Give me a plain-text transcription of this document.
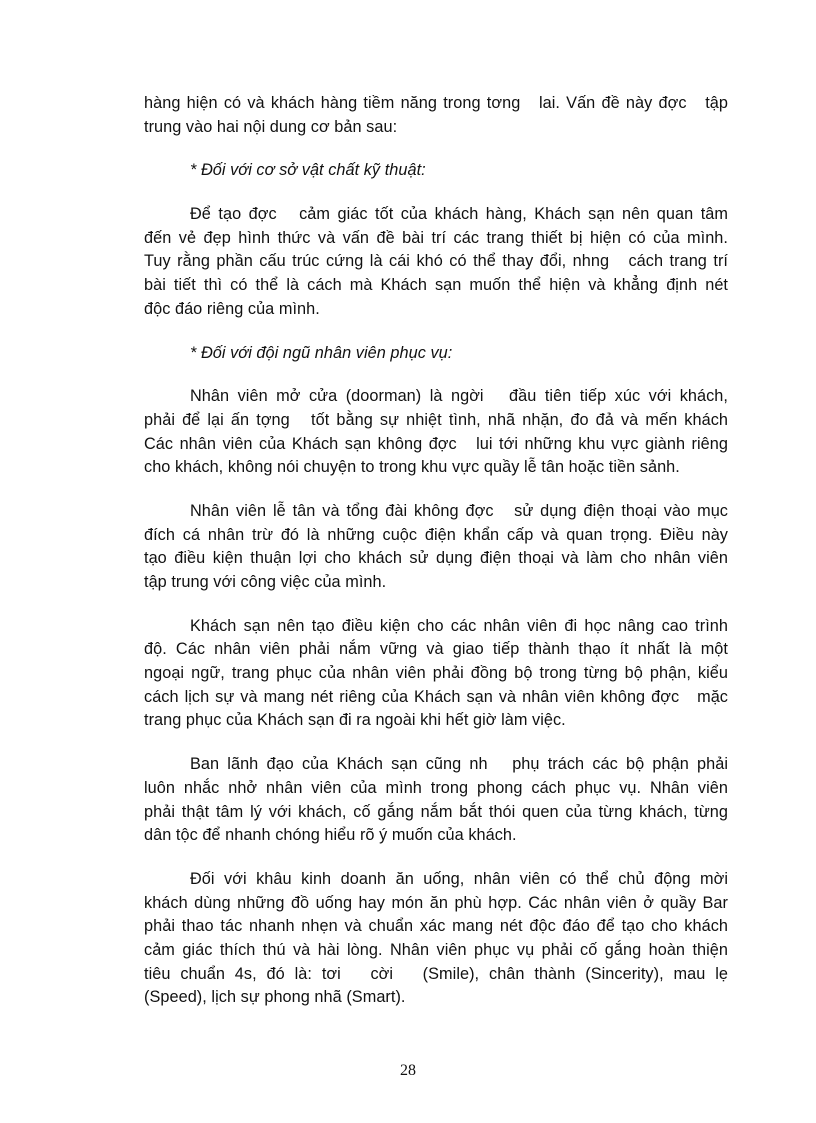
hàng hiện có và khách hàng tiềm năng trong tơng   lai. Vấn đề này đợc   tập
trung vào hai nội dung cơ bản sau:
* Đối với cơ sở vật chất kỹ thuật:
Để tạo đợc   cảm giác tốt của khách hàng, Khách sạn nên quan tâm
đến vẻ đẹp hình thức và vấn đề bài trí các trang thiết bị hiện có của mình.
Tuy rằng phần cấu trúc cứng là cái khó có thể thay đổi, nhng   cách trang trí
bài tiết thì có thể là cách mà Khách sạn muốn thể hiện và khẳng định nét
độc đáo riêng của mình.
* Đối với đội ngũ nhân viên phục vụ:
Nhân viên mở cửa (doorman) là ngời   đầu tiên tiếp xúc với khách,
phải để lại ấn tợng   tốt bằng sự nhiệt tình, nhã nhặn, đo đả và mến khách
Các nhân viên của Khách sạn không đợc   lui tới những khu vực giành riêng
cho khách, không nói chuyện to trong khu vực quầy lễ tân hoặc tiền sảnh.
Nhân viên lễ tân và tổng đài không đợc   sử dụng điện thoại vào mục
đích cá nhân trừ đó là những cuộc điện khẩn cấp và quan trọng. Điều này
tạo điều kiện thuận lợi cho khách sử dụng điện thoại và làm cho nhân viên
tập trung với công việc của mình.
Khách sạn nên tạo điều kiện cho các nhân viên đi học nâng cao trình
độ. Các nhân viên phải nắm vững và giao tiếp thành thạo ít nhất là một
ngoại ngữ, trang phục của nhân viên phải đồng bộ trong từng bộ phận, kiểu
cách lịch sự và mang nét riêng của Khách sạn và nhân viên không đợc   mặc
trang phục của Khách sạn đi ra ngoài khi hết giờ làm việc.
Ban lãnh đạo của Khách sạn cũng nh   phụ trách các bộ phận phải
luôn nhắc nhở nhân viên của mình trong phong cách phục vụ. Nhân viên
phải thật tâm lý với khách, cố gắng nắm bắt thói quen của từng khách, từng
dân tộc để nhanh chóng hiểu rõ ý muốn của khách.
Đối với khâu kinh doanh ăn uống, nhân viên có thể chủ động mời
khách dùng những đồ uống hay món ăn phù hợp. Các nhân viên ở quầy Bar
phải thao tác nhanh nhẹn và chuẩn xác mang nét độc đáo để tạo cho khách
cảm giác thích thú và hài lòng. Nhân viên phục vụ phải cố gắng hoàn thiện
tiêu chuẩn 4s, đó là: tơi   cời   (Smile), chân thành (Sincerity), mau lẹ
(Speed), lịch sự phong nhã (Smart).
28
